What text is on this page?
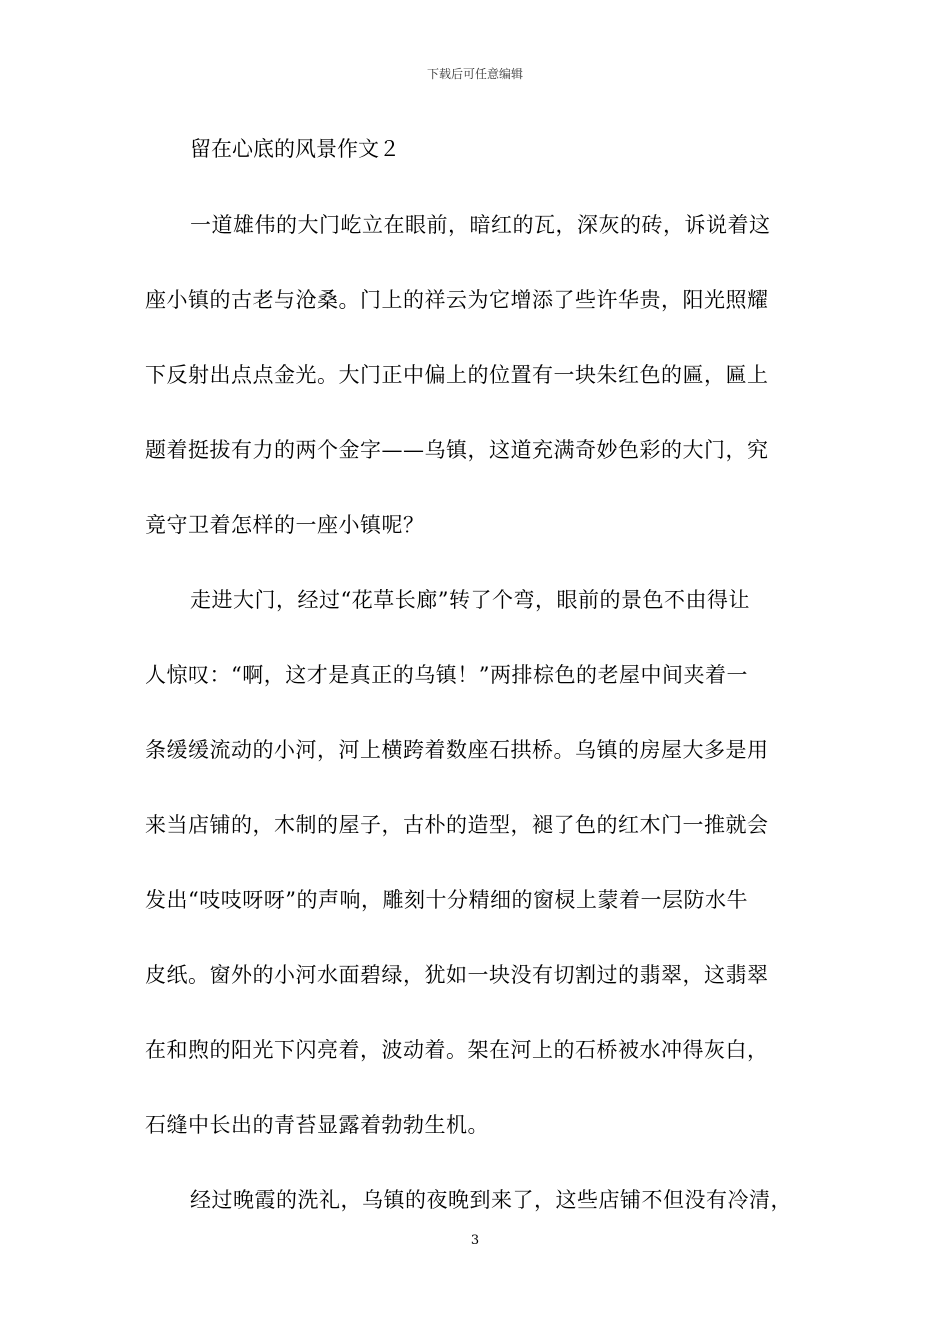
下载后可任意编辑
留在心底的风景作文２
一道雄伟的大门屹立在眼前，暗红的瓦，深灰的砖，诉说着这
座小镇的古老与沧桑。门上的祥云为它增添了些许华贵，阳光照耀
下反射出点点金光。大门正中偏上的位置有一块朱红色的匾，匾上
题着挺拔有力的两个金字——乌镇，这道充满奇妙色彩的大门，究
竟守卫着怎样的一座小镇呢？
走进大门，经过“花草长廊”转了个弯，眼前的景色不由得让
人惊叹：“啊，这才是真正的乌镇！”两排棕色的老屋中间夹着一
条缓缓流动的小河，河上横跨着数座石拱桥。乌镇的房屋大多是用
来当店铺的，木制的屋子，古朴的造型，褪了色的红木门一推就会
发出“吱吱呀呀”的声响，雕刻十分精细的窗棂上蒙着一层防水牛
皮纸。窗外的小河水面碧绿，犹如一块没有切割过的翡翠，这翡翠
在和煦的阳光下闪亮着，波动着。架在河上的石桥被水冲得灰白，
石缝中长出的青苔显露着勃勃生机。
经过晚霞的洗礼，乌镇的夜晚到来了，这些店铺不但没有冷清，
3
